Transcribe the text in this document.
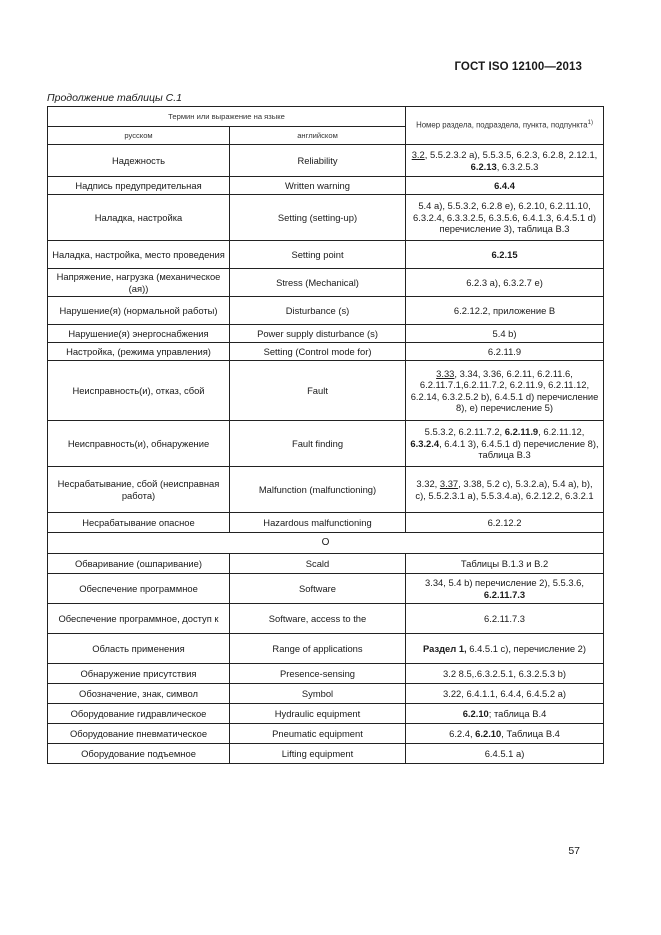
ГОСТ ISO 12100—2013
Продолжение таблицы С.1
Термин или выражение на языке		Номер раздела, подраздела, пункта, подпункта$^{1)}$
русском	английском	
Надежность	Reliability	3.2, 5.5.2.3.2 a), 5.5.3.5, 6.2.3, 6.2.8, 2.12.1, 6.2.13, 6.3.2.5.3
Надпись предупредительная	Written warning	6.4.4
Наладка, настройка	Setting (setting-up)	5.4 a), 5.5.3.2, 6.2.8 e), 6.2.10, 6.2.11.10, 6.3.2.4, 6.3.3.2.5, 6.3.5.6, 6.4.1.3, 6.4.5.1 d) перечисление 3), таблица В.3
Наладка, настройка, место проведения	Setting point	6.2.15
Напряжение, нагрузка (механическое (ая))	Stress (Mechanical)	6.2.3 a), 6.3.2.7 e)
Нарушение(я) (нормальной работы)	Disturbance (s)	6.2.12.2, приложение В
Нарушение(я) энергоснабжения	Power supply disturbance (s)	5.4 b)
Настройка, (режима управления)	Setting (Control mode for)	6.2.11.9
Неисправность(и), отказ, сбой	Fault	3.33, 3.34, 3.36, 6.2.11, 6.2.11.6, 6.2.11.7.1,6.2.11.7.2, 6.2.11.9, 6.2.11.12, 6.2.14, 6.3.2.5.2 b), 6.4.5.1 d) перечисление 8), e) перечисление 5)
Неисправность(и), обнаружение	Fault finding	5.5.3.2, 6.2.11.7.2, 6.2.11.9, 6.2.11.12, 6.3.2.4, 6.4.1 3), 6.4.5.1 d) перечисление 8), таблица В.3
Несрабатывание, сбой (неисправная работа)	Malfunction (malfunctioning)	3.32, 3.37, 3.38, 5.2 c), 5.3.2.a), 5.4 a), b), c), 5.5.2.3.1 a), 5.5.3.4.a), 6.2.12.2, 6.3.2.1
Несрабатывание опасное	Hazardous malfunctioning	6.2.12.2
О		
Обваривание (ошпаривание)	Scald	Таблицы В.1.3 и В.2
Обеспечение программное	Software	3.34, 5.4 b) перечисление 2), 5.5.3.6, 6.2.11.7.3
Обеспечение программное, доступ к	Software, access to the	6.2.11.7.3
Область применения	Range of applications	Раздел 1, 6.4.5.1 c), перечисление 2)
Обнаружение присутствия	Presence-sensing	3.2 8.5,.6.3.2.5.1, 6.3.2.5.3 b)
Обозначение, знак, символ	Symbol	3.22, 6.4.1.1, 6.4.4, 6.4.5.2 a)
Оборудование гидравлическое	Hydraulic equipment	6.2.10; таблица В.4
Оборудование пневматическое	Pneumatic equipment	6.2.4, 6.2.10, Таблица В.4
Оборудование подъемное	Lifting equipment	6.4.5.1 a)
57
